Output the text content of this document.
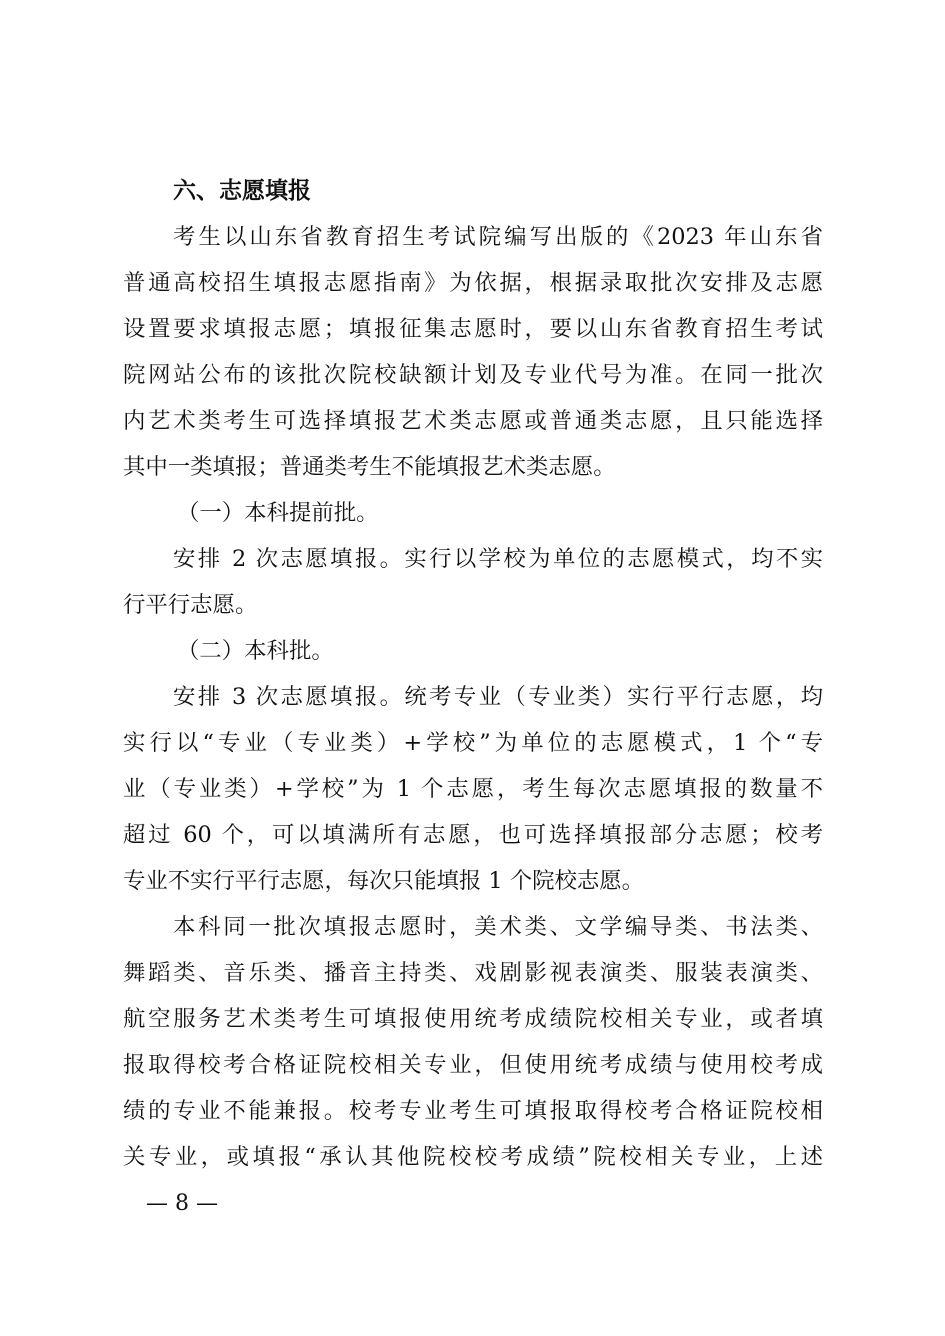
六、志愿填报
考生以山东省教育招生考试院编写出版的《2023 年山东省
普通高校招生填报志愿指南》为依据，根据录取批次安排及志愿
设置要求填报志愿；填报征集志愿时，要以山东省教育招生考试
院网站公布的该批次院校缺额计划及专业代号为准。在同一批次
内艺术类考生可选择填报艺术类志愿或普通类志愿，且只能选择
其中一类填报；普通类考生不能填报艺术类志愿。
（一）本科提前批。
安排 2 次志愿填报。实行以学校为单位的志愿模式，均不实
行平行志愿。
（二）本科批。
安排 3 次志愿填报。统考专业（专业类）实行平行志愿，均
实行以“专业（专业类）+学校”为单位的志愿模式，1 个“专
业（专业类）+学校”为 1 个志愿，考生每次志愿填报的数量不
超过 60 个，可以填满所有志愿，也可选择填报部分志愿；校考
专业不实行平行志愿，每次只能填报 1 个院校志愿。
本科同一批次填报志愿时，美术类、文学编导类、书法类、
舞蹈类、音乐类、播音主持类、戏剧影视表演类、服装表演类、
航空服务艺术类考生可填报使用统考成绩院校相关专业，或者填
报取得校考合格证院校相关专业，但使用统考成绩与使用校考成
绩的专业不能兼报。校考专业考生可填报取得校考合格证院校相
关专业，或填报“承认其他院校校考成绩”院校相关专业，上述
— 8 —
